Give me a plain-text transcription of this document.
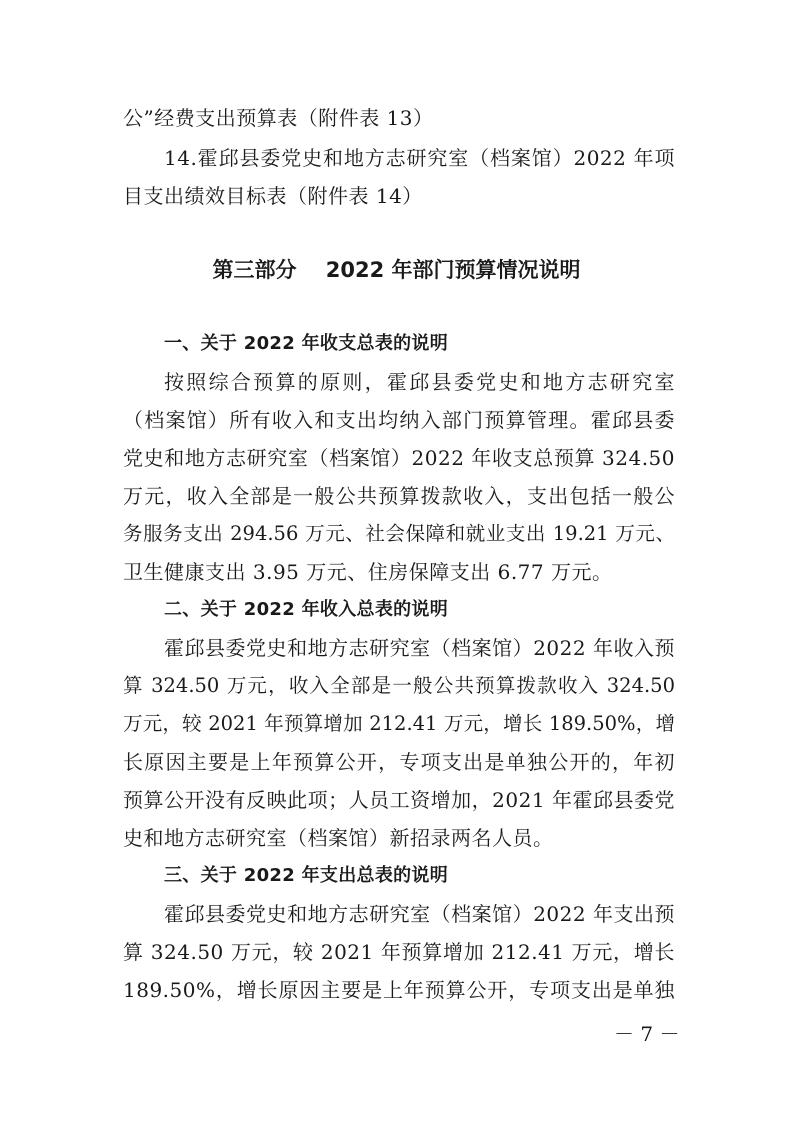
公”经费支出预算表（附件表 13）
14.霍邱县委党史和地方志研究室（档案馆）2022 年项
目支出绩效目标表（附件表 14）
第三部分    2022 年部门预算情况说明
一、关于 2022 年收支总表的说明
按照综合预算的原则，霍邱县委党史和地方志研究室
（档案馆）所有收入和支出均纳入部门预算管理。霍邱县委
党史和地方志研究室（档案馆）2022 年收支总预算 324.50
万元，收入全部是一般公共预算拨款收入，支出包括一般公
务服务支出 294.56 万元、社会保障和就业支出 19.21 万元、
卫生健康支出 3.95 万元、住房保障支出 6.77 万元。
二、关于 2022 年收入总表的说明
霍邱县委党史和地方志研究室（档案馆）2022 年收入预
算 324.50 万元，收入全部是一般公共预算拨款收入 324.50
万元，较 2021 年预算增加 212.41 万元，增长 189.50%，增
长原因主要是上年预算公开，专项支出是单独公开的，年初
预算公开没有反映此项；人员工资增加，2021 年霍邱县委党
史和地方志研究室（档案馆）新招录两名人员。
三、关于 2022 年支出总表的说明
霍邱县委党史和地方志研究室（档案馆）2022 年支出预
算 324.50 万元，较 2021 年预算增加 212.41 万元，增长
189.50%，增长原因主要是上年预算公开，专项支出是单独
－ 7 －
